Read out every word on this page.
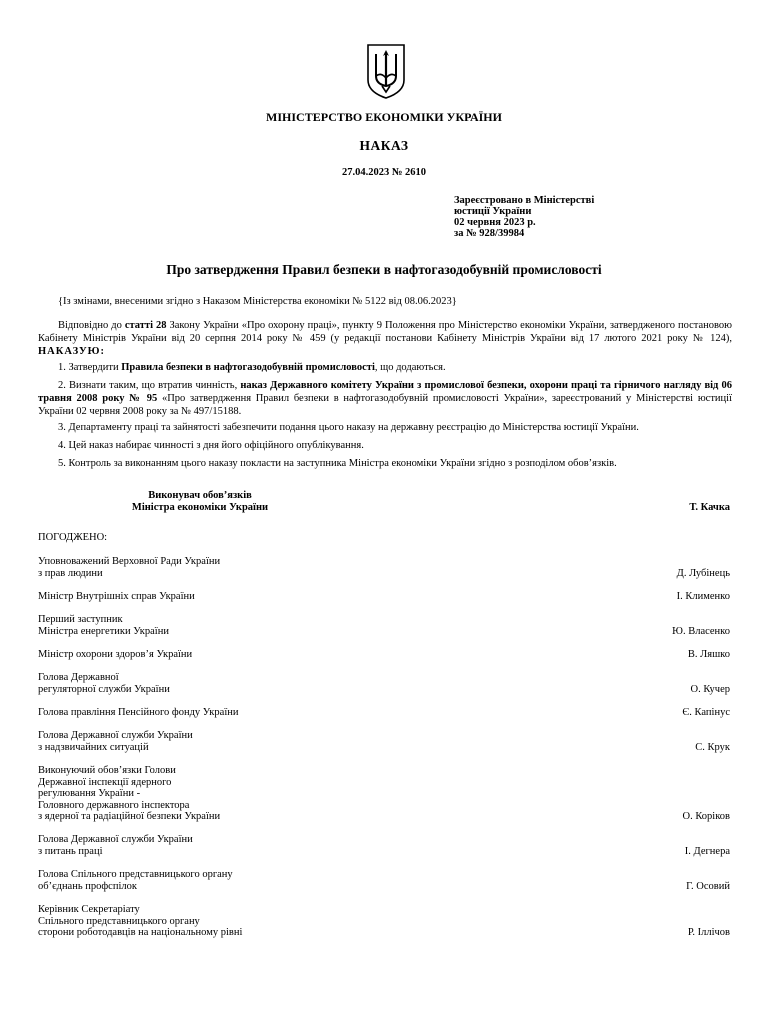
МІНІСТЕРСТВО ЕКОНОМІКИ УКРАЇНИ
НАКАЗ
27.04.2023 № 2610
Зареєстровано в Міністерстві
юстиції України
02 червня 2023 р.
за № 928/39984
Про затвердження Правил безпеки в нафтогазодобувній промисловості
{Із змінами, внесеними згідно з Наказом Міністерства економіки № 5122 від 08.06.2023}
Відповідно до статті 28 Закону України «Про охорону праці», пункту 9 Положення про Міністерство економіки України, затвердженого постановою Кабінету Міністрів України від 20 серпня 2014 року № 459 (у редакції постанови Кабінету Міністрів України від 17 лютого 2021 року № 124), НАКАЗУЮ:
1. Затвердити Правила безпеки в нафтогазодобувній промисловості, що додаються.
2. Визнати таким, що втратив чинність, наказ Державного комітету України з промислової безпеки, охорони праці та гірничого нагляду від 06 травня 2008 року № 95 «Про затвердження Правил безпеки в нафтогазодобувній промисловості України», зареєстрований у Міністерстві юстиції України 02 червня 2008 року за № 497/15188.
3. Департаменту праці та зайнятості забезпечити подання цього наказу на державну реєстрацію до Міністерства юстиції України.
4. Цей наказ набирає чинності з дня його офіційного опублікування.
5. Контроль за виконанням цього наказу покласти на заступника Міністра економіки України згідно з розподілом обов’язків.
Виконувач обов’язків
Міністра економіки України	Т. Качка
ПОГОДЖЕНО:
Уповноважений Верховної Ради України
з прав людини	Д. Лубінець
Міністр Внутрішніх справ України	І. Клименко
Перший заступник
Міністра енергетики України	Ю. Власенко
Міністр охорони здоров’я України	В. Ляшко
Голова Державної
регуляторної служби України	О. Кучер
Голова правління Пенсійного фонду України	Є. Капінус
Голова Державної служби України
з надзвичайних ситуацій	С. Крук
Виконуючий обов’язки Голови
Державної інспекції ядерного
регулювання України -
Головного державного інспектора
з ядерної та радіаційної безпеки України	О. Коріков
Голова Державної служби України
з питань праці	І. Дегнера
Голова Спільного представницького органу
об’єднань профспілок	Г. Осовий
Керівник Секретаріату
Спільного представницького органу
сторони роботодавців на національному рівні	Р. Іллічов
